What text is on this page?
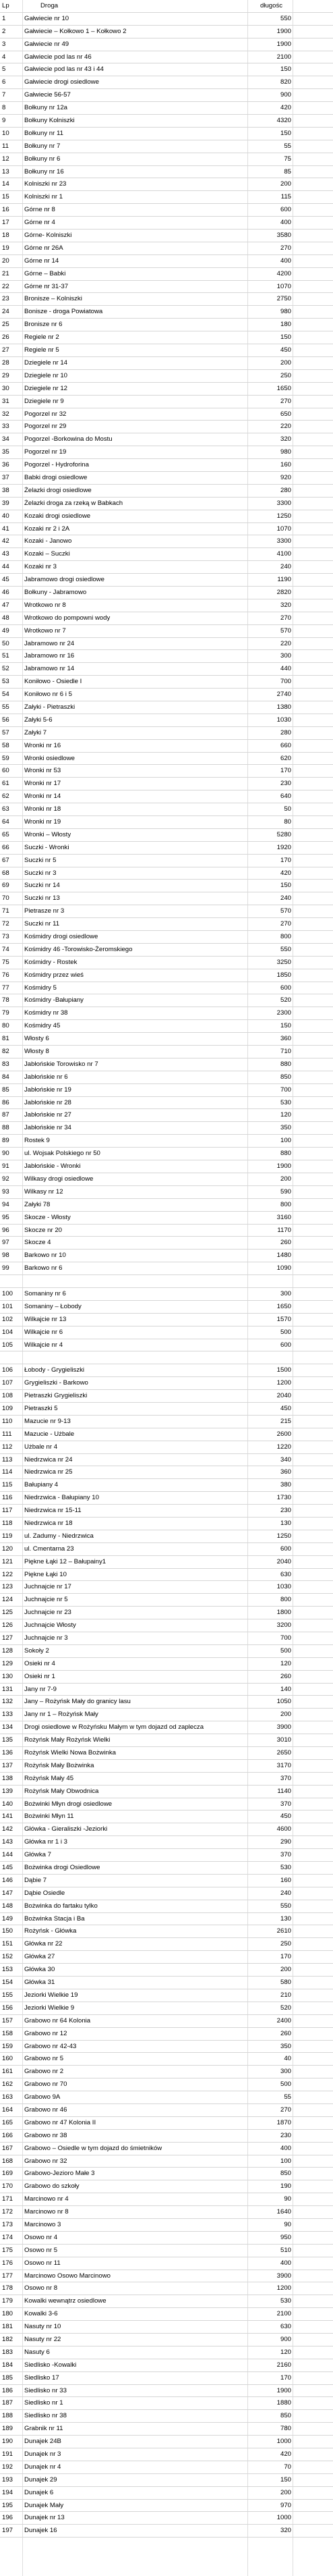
Lp	Droga	długośc
1	Gałwiecie nr 10	550
2	Gałwiecie – Kołkowo 1 – Kołkowo 2	1900
3	Gałwiecie nr 49	1900
4	Gałwiecie pod las nr 46	2100
5	Gałwiecie pod las nr 43 i 44	150
6	Gałwiecie drogi osiedlowe	820
7	Gałwiecie 56-57	900
8	Bołkuny nr 12a	420
9	Bołkuny Kolniszki	4320
10	Bołkuny nr 11	150
11	Bołkuny nr 7	55
12	Bołkuny nr 6	75
13	Bołkuny nr 16	85
14	Kolniszki nr 23	200
15	Kolniszki nr 1	115
16	Górne nr 8	600
17	Górne nr 4	400
18	Górne- Kolniszki	3580
19	Górne nr 26A	270
20	Górne nr 14	400
21	Górne – Babki	4200
22	Górne nr 31-37	1070
23	Bronisze – Kolniszki	2750
24	Bonisze - droga Powiatowa	980
25	Bronisze nr 6	180
26	Regiele nr 2	150
27	Regiele nr 5	450
28	Dziegiele nr 14	200
29	Dziegiele nr 10	250
30	Dziegiele nr 12	1650
31	Dziegiele nr 9	270
32	Pogorzel nr 32	650
33	Pogorzel nr 29	220
34	Pogorzel -Borkowina do Mostu	320
35	Pogorzel nr 19	980
36	Pogorzel - Hydroforina	160
37	Babki drogi osiedlowe	920
38	Żelazki drogi osiedlowe	280
39	Żelazki droga za rzeką w Babkach	3300
40	Kozaki drogi osiedlowe	1250
41	Kozaki nr 2 i 2A	1070
42	Kozaki - Janowo	3300
43	Kozaki – Suczki	4100
44	Kozaki nr 3	240
45	Jabramowo drogi osiedlowe	1190
46	Bołkuny - Jabramowo	2820
47	Wrotkowo nr 8	320
48	Wrotkowo do pompowni wody	270
49	Wrotkowo nr 7	570
50	Jabramowo nr 24	220
51	Jabramowo nr 16	300
52	Jabramowo nr 14	440
53	Koniłowo - Osiedle I	700
54	Koniłowo nr 6 i 5	2740
55	Załyki - Pietraszki	1380
56	Załyki 5-6	1030
57	Załyki 7	280
58	Wronki nr 16	660
59	Wronki osiedlowe	620
60	Wronki nr 53	170
61	Wronki nr 17	230
62	Wronki nr 14	640
63	Wronki nr 18	50
64	Wronki nr 19	80
65	Wronki – Włosty	5280
66	Suczki - Wronki	1920
67	Suczki nr 5	170
68	Suczki nr 3	420
69	Suczki nr 14	150
70	Suczki nr 13	240
71	Pietrasze nr 3	570
72	Suczki nr 11	270
73	Kośmidry drogi osiedlowe	800
74	Kośmidry 46 -Torowisko-Żeromskiego	550
75	Kośmidry - Rostek	3250
76	Kośmidry przez wieś	1850
77	Kośmidry 5	600
78	Kośmidry -Bałupiany	520
79	Kośmidry nr 38	2300
80	Kośmidry 45	150
81	Włosty 6	360
82	Włosty 8	710
83	Jabłońskie Torowisko nr 7	880
84	Jabłońskie nr 6	850
85	Jabłońskie nr 19	700
86	Jabłońskie nr 28	530
87	Jabłońskie nr 27	120
88	Jabłońskie nr 34	350
89	Rostek 9	100
90	ul. Wojsak Polskiego nr 50	880
91	Jabłońskie - Wronki	1900
92	Wilkasy drogi osiedlowe	200
93	Wilkasy nr 12	590
94	Załyki 78	800
95	Skocze - Włosty	3160
96	Skocze nr 20	1170
97	Skocze 4	260
98	Barkowo nr 10	1480
99	Barkowo nr 6	1090
100	Somaniny nr 6	300
101	Somaniny – Łobody	1650
102	Wilkajcie nr 13	1570
104	Wilkajcie nr 6	500
105	Wilkajcie nr 4	600
106	Łobody - Grygieliszki	1500
107	Grygieliszki - Barkowo	1200
108	Pietraszki Grygieliszki	2040
109	Pietraszki 5	450
110	Mazucie nr 9-13	215
111	Mazucie - Użbale	2600
112	Użbale nr 4	1220
113	Niedrzwica nr 24	340
114	Niedrzwica nr 25	360
115	Bałupiany 4	380
116	Niedrzwica - Bałupiany 10	1730
117	Niedrzwica nr 15-11	230
118	Niedrzwica nr 18	130
119	ul. Zadumy - Niedrzwica	1250
120	ul. Cmentarna 23	600
121	Piękne Łąki 12 – Bałupainy1	2040
122	Piękne Łąki 10	630
123	Juchnajcie nr 17	1030
124	Juchnajcie nr 5	800
125	Juchnajcie nr 23	1800
126	Juchnajcie Włosty	3200
127	Juchnajcie nr 3	700
128	Sokoły 2	500
129	Osieki nr 4	120
130	Osieki nr 1	260
131	Jany nr 7-9	140
132	Jany – Rożyńsk Mały do granicy lasu	1050
133	Jany nr 1 – Rożyńsk Mały	200
134	Drogi osiedlowe w Rożyńsku Małym w tym dojazd od zaplecza	3900
135	Rożyńsk Mały Rożyńsk Wielki	3010
136	Rożyńsk Wielki Nowa Bożwinka	2650
137	Rożyńsk Mały Bożwinka	3170
138	Rożyńsk Mały 45	370
139	Rożyńsk Mały Obwodnica	1140
140	Bożwinki Młyn drogi osiedlowe	370
141	Bożwinki Młyn 11	450
142	Główka - Gieraliszki -Jeziorki	4600
143	Główka nr 1 i 3	290
144	Główka 7	370
145	Bożwinka drogi Osiedlowe	530
146	Dąbie 7	160
147	Dąbie Osiedle	240
148	Bożwinka do fartaku tylko	550
149	Bożwinka Stacja i Ba	130
150	Rożyńsk - Główka	2610
151	Główka nr 22	250
152	Główka 27	170
153	Główka 30	200
154	Główka 31	580
155	Jeziorki Wielkie 19	210
156	Jeziorki Wielkie 9	520
157	Grabowo nr 64 Kolonia	2400
158	Grabowo nr 12	260
159	Grabowo nr 42-43	350
160	Grabowo nr 5	40
161	Grabowo nr 2	300
162	Grabowo nr 70	500
163	Grabowo 9A	55
164	Grabowo nr 46	270
165	Grabowo nr 47 Kolonia II	1870
166	Grabowo nr 38	230
167	Grabowo – Osiedle w tym dojazd do śmietników	400
168	Grabowo nr 32	100
169	Grabowo-Jezioro Małe 3	850
170	Grabowo do szkoły	190
171	Marcinowo nr 4	90
172	Marcinowo nr 8	1640
173	Marcinowo 3	90
174	Osowo nr 4	950
175	Osowo nr 5	510
176	Osowo nr 11	400
177	Marcinowo Osowo Marcinowo	3900
178	Osowo nr 8	1200
179	Kowalki wewnątrz osiedlowe	530
180	Kowalki 3-6	2100
181	Nasuty nr 10	630
182	Nasuty nr 22	900
183	Nasuty 6	120
184	Siedlisko -Kowalki	2160
185	Siedlisko 17	170
186	Siedlisko nr 33	1900
187	Siedlisko nr 1	1880
188	Siedlisko nr 38	850
189	Grabnik nr 11	780
190	Dunajek 24B	1000
191	Dunajek nr 3	420
192	Dunajek nr 4	70
193	Dunajek 29	150
194	Dunajek 6	200
195	Dunajek Mały	970
196	Dunajek nr 13	1000
197	Dunajek 16	320
